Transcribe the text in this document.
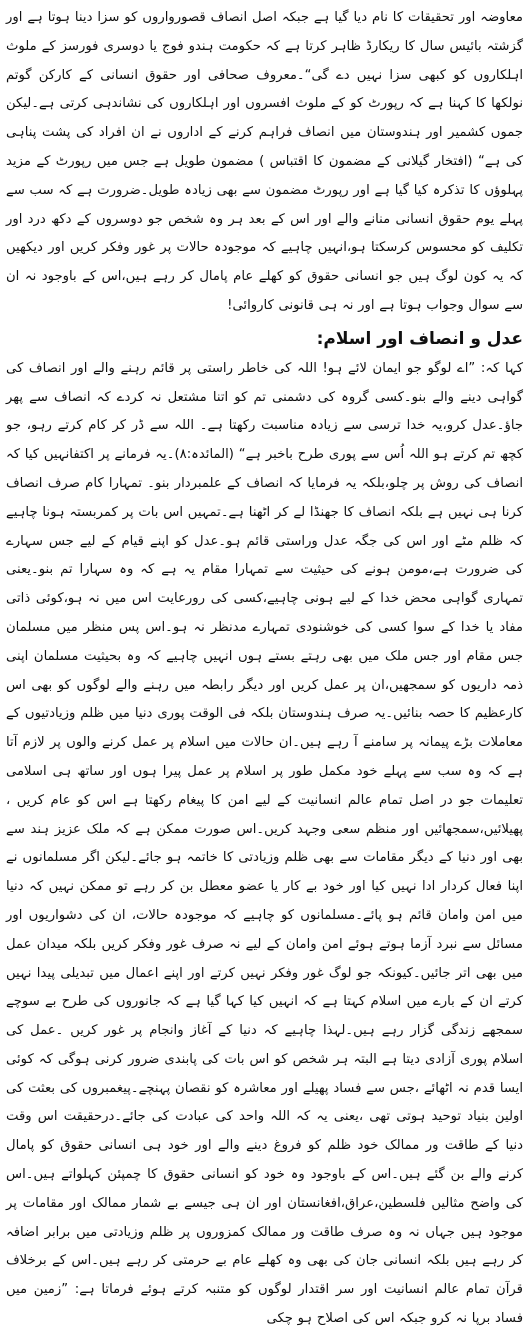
معاوضہ اور تحقیقات کا نام دیا گیا ہے جبکہ اصل انصاف قصورواروں کو سزا دینا ہوتا ہے اور گزشتہ بائیس سال کا ریکارڈ ظاہر کرتا ہے کہ حکومت ہندو فوج یا دوسری فورسز کے ملوث اہلکاروں کو کبھی سزا نہیں دے گی“۔معروف صحافی اور حقوق انسانی کے کارکن گوتم نولکھا کا کہنا ہے کہ رپورٹ کو کے ملوث افسروں اور اہلکاروں کی نشاندہی کرتی ہے۔لیکن جموں کشمیر اور ہندوستان میں انصاف فراہم کرنے کے اداروں نے ان افراد کی پشت پناہی کی ہے“ (افتخار گیلانی کے مضمون کا اقتباس ) مضمون طویل ہے جس میں رپورٹ کے مزید پہلوؤں کا تذکرہ کیا گیا ہے اور رپورٹ مضمون سے بھی زیادہ طویل۔ضرورت ہے کہ سب سے پہلے یوم حقوق انسانی منانے والے اور اس کے بعد ہر وہ شخص جو دوسروں کے دکھ درد اور تکلیف کو محسوس کرسکتا ہو،انہیں چاہیے کہ موجودہ حالات پر غور وفکر کریں اور دیکھیں کہ یہ کون لوگ ہیں جو انسانی حقوق کو کھلے عام پامال کر رہے ہیں،اس کے باوجود نہ ان سے سوال وجواب ہوتا ہے اور نہ ہی قانونی کاروائی!

عدل و انصاف اور اسلام:

کہا کہ: ”اے لوگو جو ایمان لائے ہو! اللہ کی خاطر راستی پر قائم رہنے والے اور انصاف کی گواہی دینے والے بنو۔کسی گروہ کی دشمنی تم کو اتنا مشتعل نہ کردے کہ انصاف سے پھر جاؤ۔عدل کرو،یہ خدا ترسی سے زیادہ مناسبت رکھتا ہے۔ اللہ سے ڈر کر کام کرتے رہو، جو کچھ تم کرتے ہو اللہ اُس سے پوری طرح باخبر ہے“ (المائدہ:۸)۔یہ فرمانے پر اکتفانہیں کیا کہ انصاف کی روش پر چلو،بلکہ یہ فرمایا کہ انصاف کے علمبردار بنو۔ تمہارا کام صرف انصاف کرنا ہی نہیں ہے بلکہ انصاف کا جھنڈا لے کر اٹھنا ہے۔تمہیں اس بات پر کمربستہ ہونا چاہیے کہ ظلم مٹے اور اس کی جگہ عدل وراستی قائم ہو۔عدل کو اپنے قیام کے لیے جس سہارے کی ضرورت ہے،مومن ہونے کی حیثیت سے تمہارا مقام یہ ہے کہ وہ سہارا تم بنو۔یعنی تمہاری گواہی محض خدا کے لیے ہونی چاہیے،کسی کی رورعایت اس میں نہ ہو،کوئی ذاتی مفاد یا خدا کے سوا کسی کی خوشنودی تمہارے مدنظر نہ ہو۔اس پس منظر میں مسلمان جس مقام اور جس ملک میں بھی رہتے بستے ہوں انہیں چاہیے کہ وہ بحیثیت مسلمان اپنی ذمہ داریوں کو سمجھیں،ان پر عمل کریں اور دیگر رابطہ میں رہنے والے لوگوں کو بھی اس کارعظیم کا حصہ بنائیں۔یہ صرف ہندوستان بلکہ فی الوقت پوری دنیا میں ظلم وزیادتیوں کے معاملات بڑے پیمانہ پر سامنے آ رہے ہیں۔ان حالات میں اسلام پر عمل کرنے والوں پر لازم آتا ہے کہ وہ سب سے پہلے خود مکمل طور پر اسلام پر عمل پیرا ہوں اور ساتھ ہی اسلامی تعلیمات جو در اصل تمام عالم انسانیت کے لیے امن کا پیغام رکھتا ہے اس کو عام کریں ، پھیلائیں،سمجھائیں اور منظم سعی وجہد کریں۔اس صورت ممکن ہے کہ ملک عزیز ہند سے بھی اور دنیا کے دیگر مقامات سے بھی ظلم وزیادتی کا خاتمہ ہو جائے۔لیکن اگر مسلمانوں نے اپنا فعال کردار ادا نہیں کیا اور خود بے کار یا عضو معطل بن کر رہے تو ممکن نہیں کہ دنیا میں امن وامان قائم ہو پائے۔مسلمانوں کو چاہیے کہ موجودہ حالات، ان کی دشواریوں اور مسائل سے نبرد آزما ہوتے ہوئے امن وامان کے لیے نہ صرف غور وفکر کریں بلکہ میدان عمل میں بھی اتر جائیں۔کیونکہ جو لوگ غور وفکر نہیں کرتے اور اپنے اعمال میں تبدیلی پیدا نہیں کرتے ان کے بارے میں اسلام کہتا ہے کہ انہیں کیا کہا گیا ہے کہ جانوروں کی طرح بے سوچے سمجھے زندگی گزار رہے ہیں۔لہذا چاہیے کہ دنیا کے آغاز وانجام پر غور کریں ۔عمل کی اسلام پوری آزادی دیتا ہے البتہ ہر شخص کو اس بات کی پابندی ضرور کرنی ہوگی کہ کوئی ایسا قدم نہ اٹھائے ،جس سے فساد پھیلے اور معاشرہ کو نقصان پہنچے۔پیغمبروں کی بعثت کی اولین بنیاد توحید ہوتی تھی ،یعنی یہ کہ اللہ واحد کی عبادت کی جائے۔درحقیقت اس وقت دنیا کے طاقت ور ممالک خود ظلم کو فروغ دینے والے اور خود ہی انسانی حقوق کو پامال کرنے والے بن گئے ہیں۔اس کے باوجود وہ خود کو انسانی حقوق کا چمپئن کہلواتے ہیں۔اس کی واضح مثالیں فلسطین،عراق،افغانستان اور ان ہی جیسے بے شمار ممالک اور مقامات پر موجود ہیں جہاں نہ وہ صرف طاقت ور ممالک کمزوروں پر ظلم وزیادتی میں برابر اضافہ کر رہے ہیں بلکہ انسانی جان کی بھی وہ کھلے عام بے حرمتی کر رہے ہیں۔اس کے برخلاف قرآن تمام عالم انسانیت اور سر اقتدار لوگوں کو متنبہ کرتے ہوئے فرماتا ہے: ”زمین میں فساد برپا نہ کرو جبکہ اس کی اصلاح ہو چکی
